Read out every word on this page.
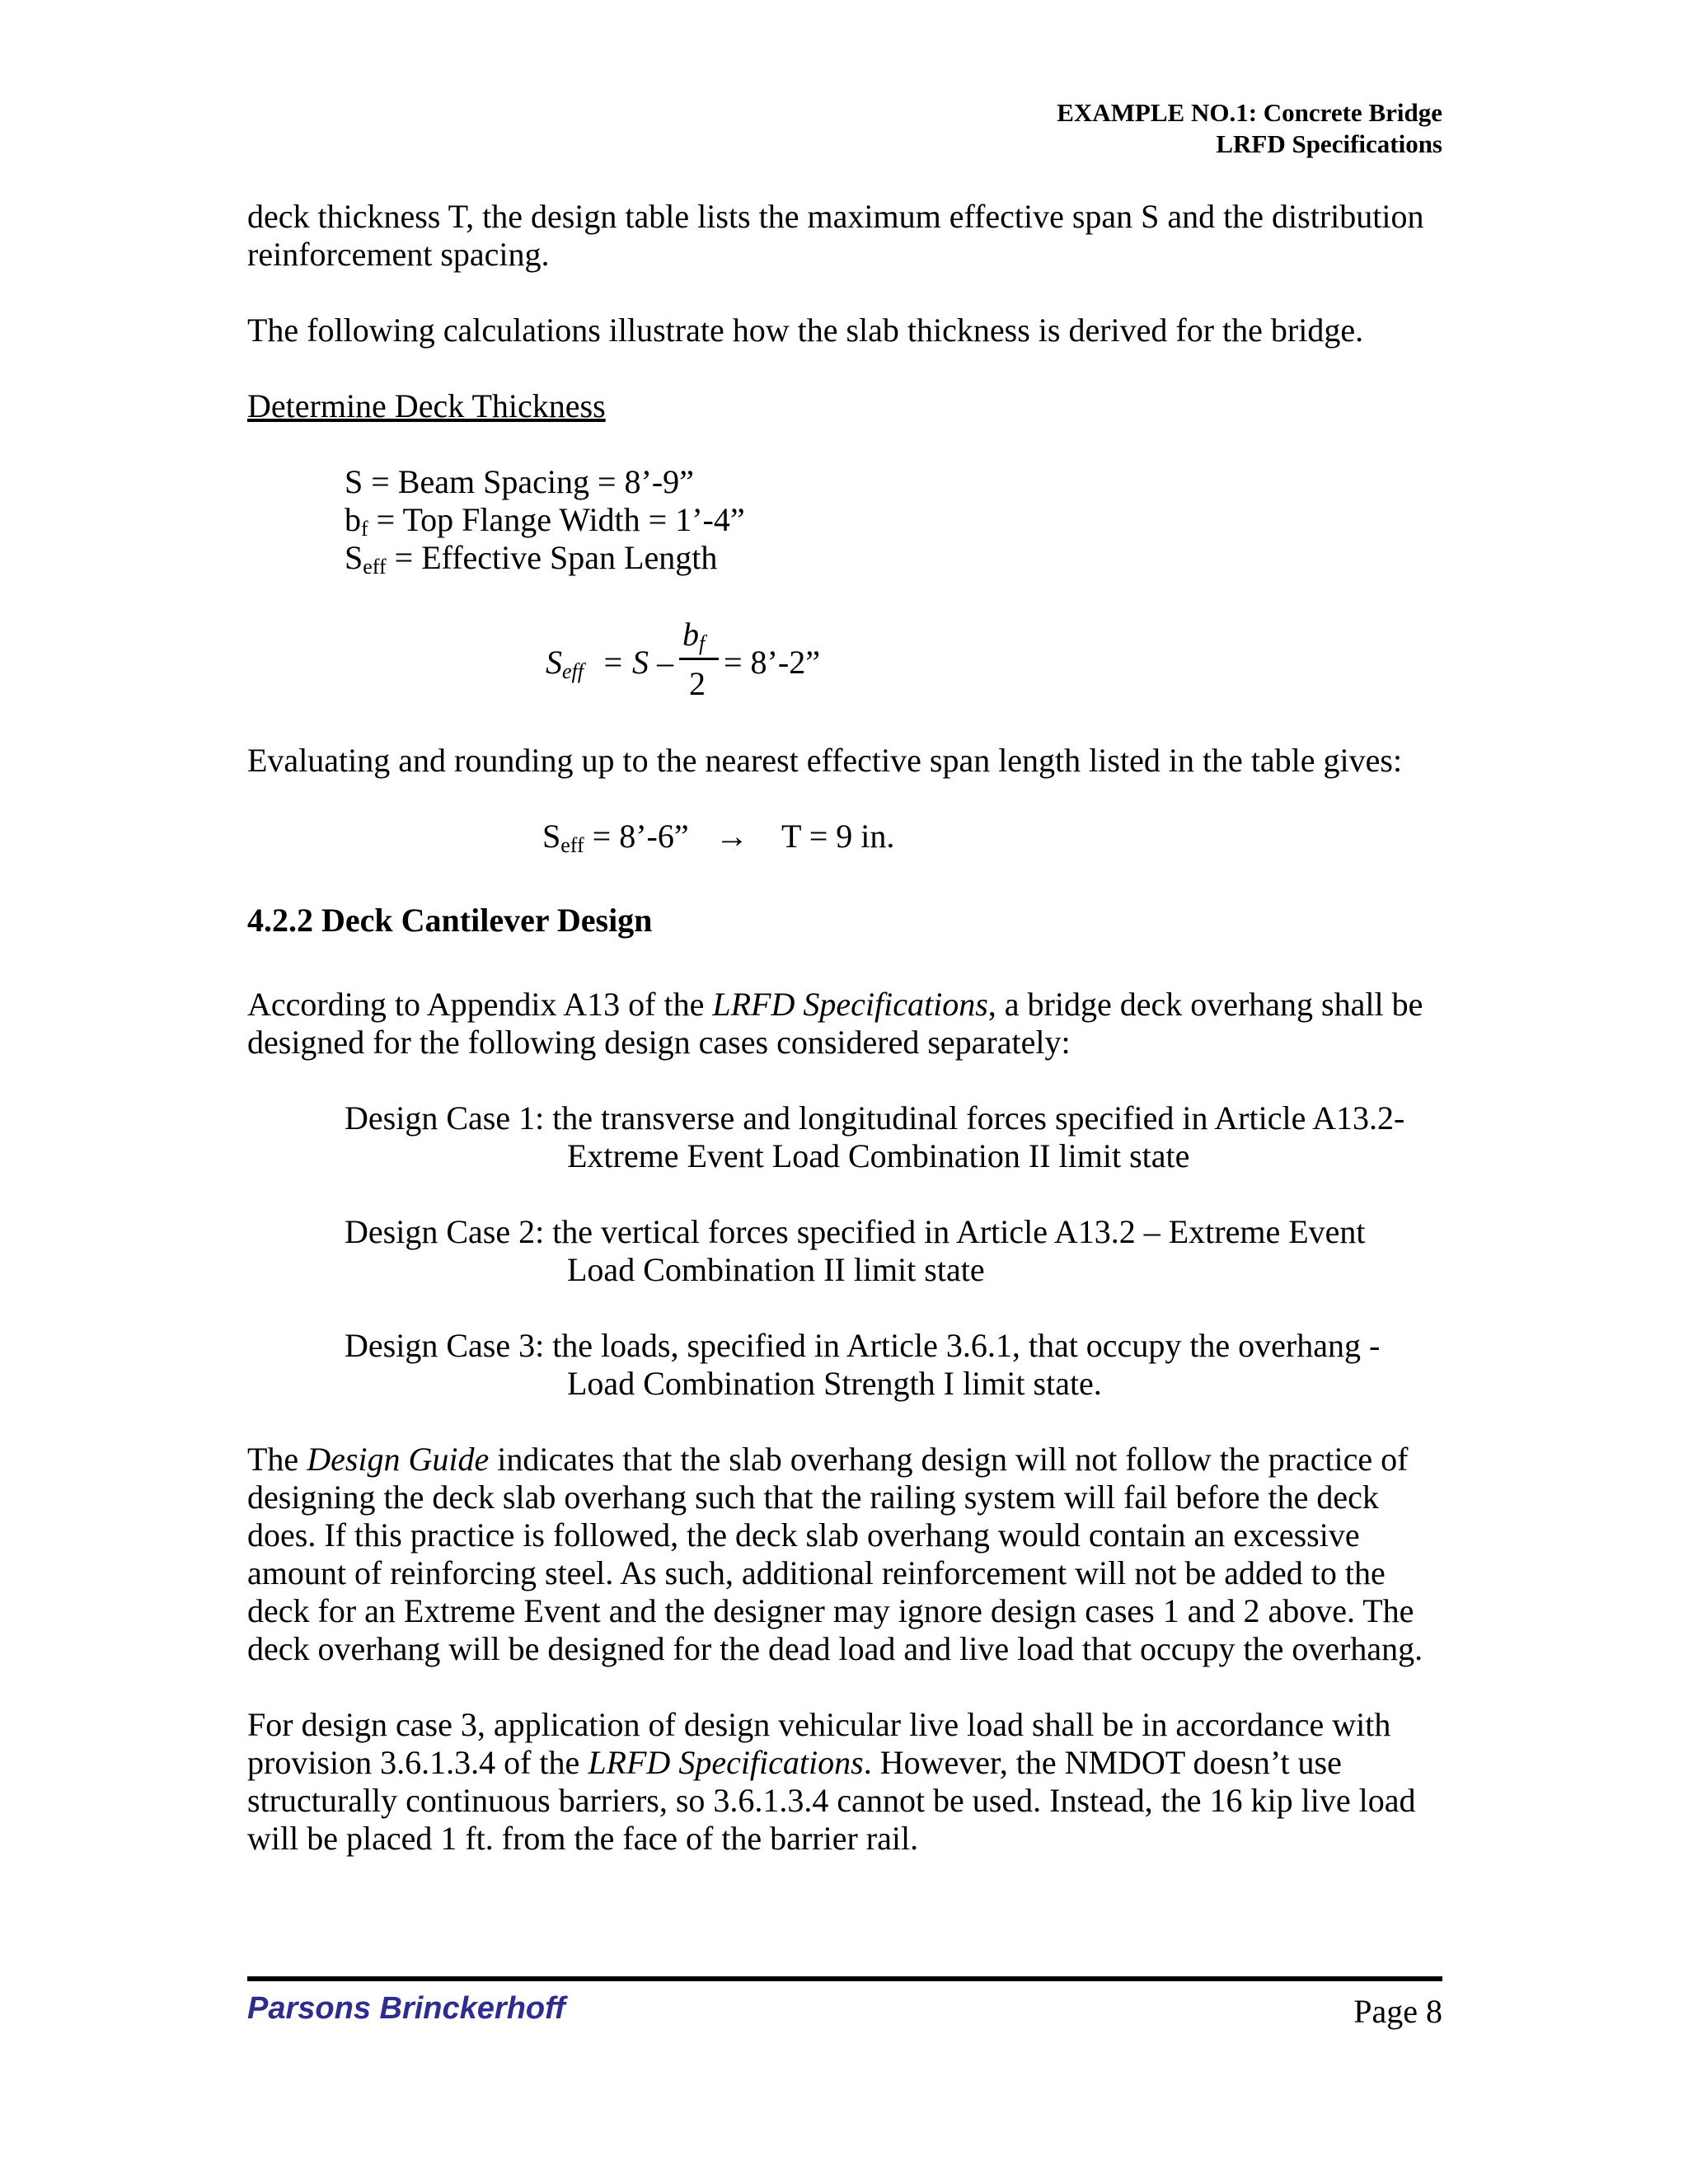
EXAMPLE NO.1: Concrete Bridge
LRFD Specifications
deck thickness T, the design table lists the maximum effective span S and the distribution
reinforcement spacing.
The following calculations illustrate how the slab thickness is derived for the bridge.
Determine Deck Thickness
S = Beam Spacing = 8’-9”
$b_f$ = Top Flange Width = 1’-4”
$S_{eff}$ = Effective Span Length
$S_{eff} = S$ –
$b_f$
2
= 8’-2”
Evaluating and rounding up to the nearest effective span length listed in the table gives:
$S_{eff}$ = 8’-6” → T = 9 in.
4.2.2 Deck Cantilever Design
According to Appendix A13 of the LRFD Specifications, a bridge deck overhang shall be
designed for the following design cases considered separately:
Design Case 1: the transverse and longitudinal forces specified in Article A13.2-
Extreme Event Load Combination II limit state
Design Case 2: the vertical forces specified in Article A13.2 – Extreme Event
Load Combination II limit state
Design Case 3: the loads, specified in Article 3.6.1, that occupy the overhang -
Load Combination Strength I limit state.
The Design Guide indicates that the slab overhang design will not follow the practice of
designing the deck slab overhang such that the railing system will fail before the deck
does. If this practice is followed, the deck slab overhang would contain an excessive
amount of reinforcing steel. As such, additional reinforcement will not be added to the
deck for an Extreme Event and the designer may ignore design cases 1 and 2 above. The
deck overhang will be designed for the dead load and live load that occupy the overhang.
For design case 3, application of design vehicular live load shall be in accordance with
provision 3.6.1.3.4 of the LRFD Specifications. However, the NMDOT doesn’t use
structurally continuous barriers, so 3.6.1.3.4 cannot be used. Instead, the 16 kip live load
will be placed 1 ft. from the face of the barrier rail.
Parsons Brinckerhoff	Page 8
